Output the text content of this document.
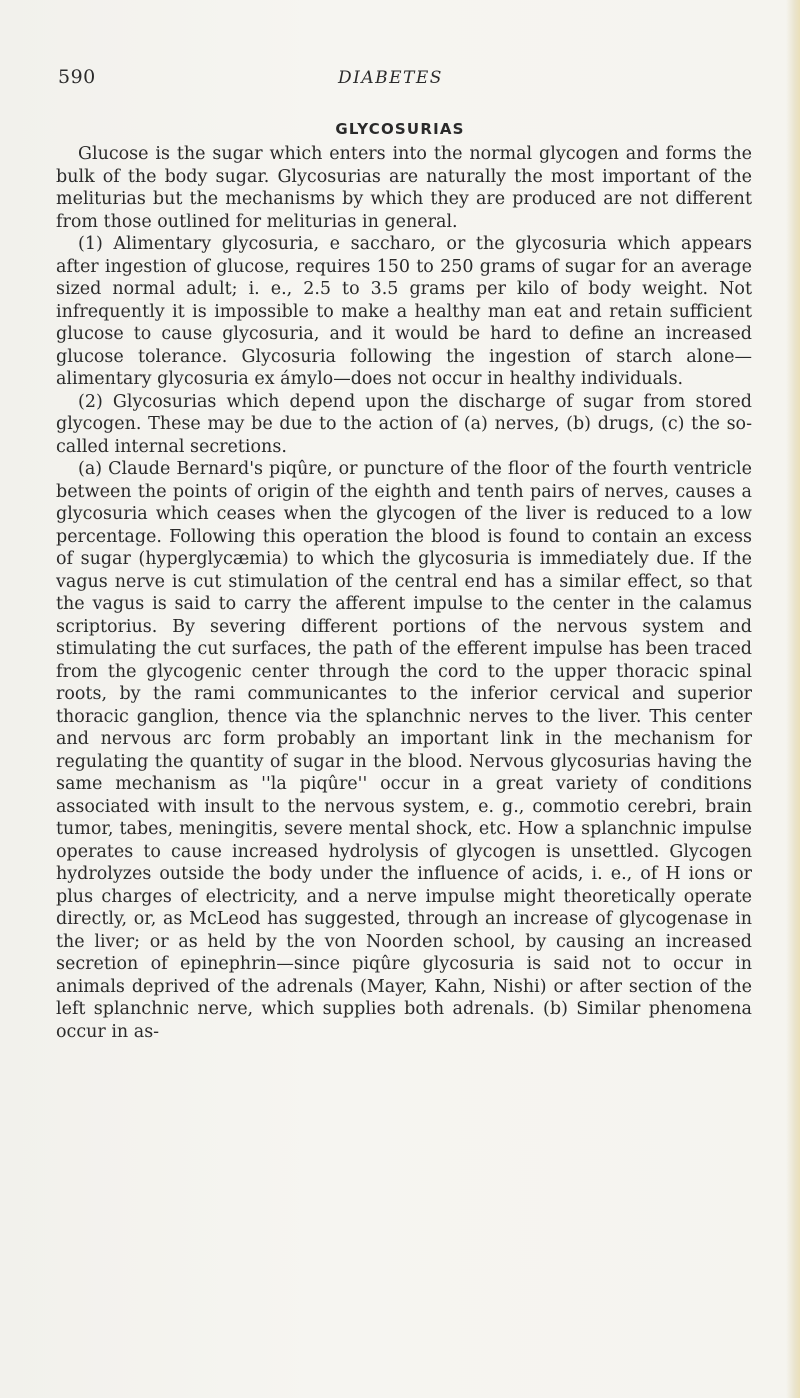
590	DIABETES
GLYCOSURIAS

Glucose is the sugar which enters into the normal glycogen and forms the bulk of the body sugar. Glycosurias are naturally the most important of the meliturias but the mechanisms by which they are produced are not different from those outlined for meliturias in general.

(1) Alimentary glycosuria, e saccharo, or the glycosuria which appears after ingestion of glucose, requires 150 to 250 grams of sugar for an average sized normal adult; i. e., 2.5 to 3.5 grams per kilo of body weight. Not infrequently it is impossible to make a healthy man eat and retain sufficient glucose to cause glycosuria, and it would be hard to define an increased glucose tolerance. Glycosuria following the ingestion of starch alone—alimentary glycosuria ex ámylo—does not occur in healthy individuals.

(2) Glycosurias which depend upon the discharge of sugar from stored glycogen. These may be due to the action of (a) nerves, (b) drugs, (c) the so-called internal secretions.

(a) Claude Bernard's piqûre, or puncture of the floor of the fourth ventricle between the points of origin of the eighth and tenth pairs of nerves, causes a glycosuria which ceases when the glycogen of the liver is reduced to a low percentage. Following this operation the blood is found to contain an excess of sugar (hyperglycæmia) to which the glycosuria is immediately due. If the vagus nerve is cut stimulation of the central end has a similar effect, so that the vagus is said to carry the afferent impulse to the center in the calamus scriptorius. By severing different portions of the nervous system and stimulating the cut surfaces, the path of the efferent impulse has been traced from the glycogenic center through the cord to the upper thoracic spinal roots, by the rami communicantes to the inferior cervical and superior thoracic ganglion, thence via the splanchnic nerves to the liver. This center and nervous arc form probably an important link in the mechanism for regulating the quantity of sugar in the blood. Nervous glycosurias having the same mechanism as ''la piqûre'' occur in a great variety of conditions associated with insult to the nervous system, e. g., commotio cerebri, brain tumor, tabes, meningitis, severe mental shock, etc. How a splanchnic impulse operates to cause increased hydrolysis of glycogen is unsettled. Glycogen hydrolyzes outside the body under the influence of acids, i. e., of H ions or plus charges of electricity, and a nerve impulse might theoretically operate directly, or, as McLeod has suggested, through an increase of glycogenase in the liver; or as held by the von Noorden school, by causing an increased secretion of epinephrin—since piqûre glycosuria is said not to occur in animals deprived of the adrenals (Mayer, Kahn, Nishi) or after section of the left splanchnic nerve, which supplies both adrenals. (b) Similar phenomena occur in as-
